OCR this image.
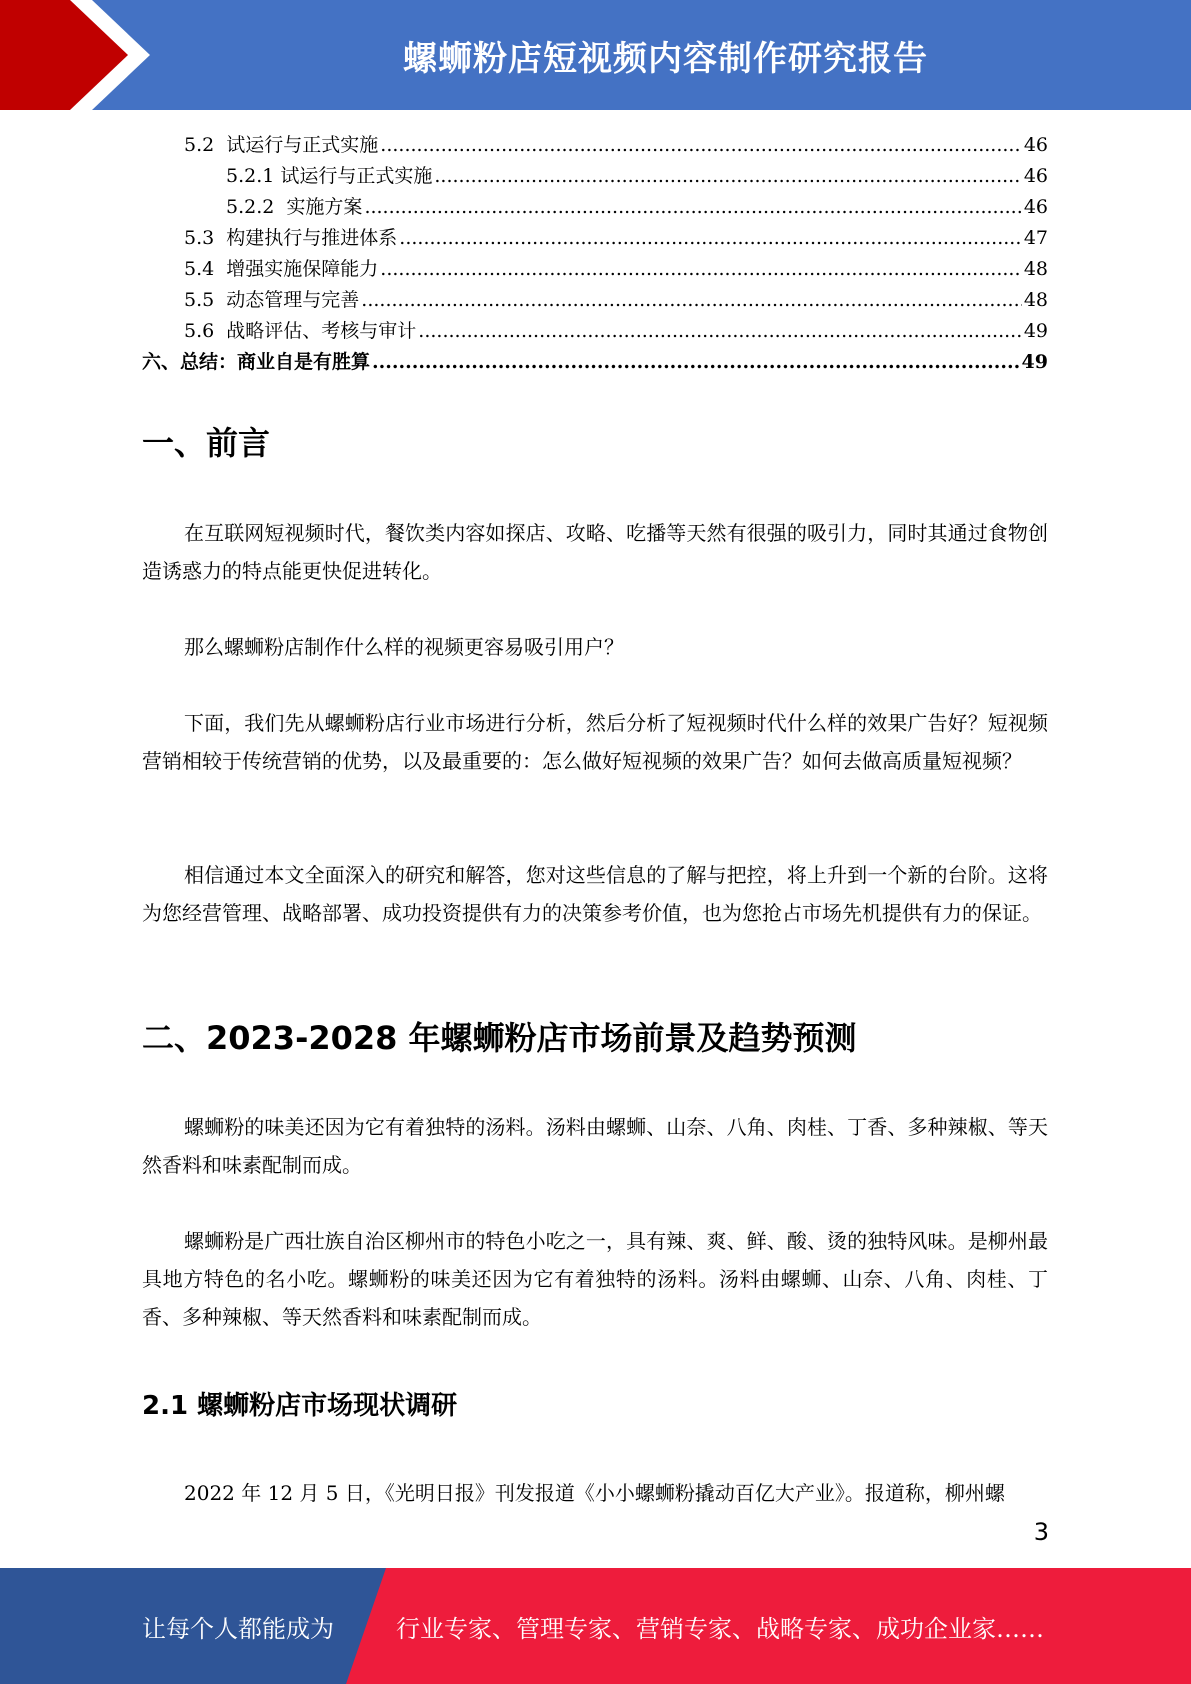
螺蛳粉店短视频内容制作研究报告
5.2  试运行与正式实施 .....	46
5.2.1 试运行与正式实施 .....	46
5.2.2  实施方案 .....	46
5.3  构建执行与推进体系 .....	47
5.4  增强实施保障能力 .....	48
5.5  动态管理与完善 .....	48
5.6  战略评估、考核与审计 .....	49
六、总结：商业自是有胜算 .....	49
一、前言

在互联网短视频时代，餐饮类内容如探店、攻略、吃播等天然有很强的吸引力，同时其通过食物创造诱惑力的特点能更快促进转化。

那么螺蛳粉店制作什么样的视频更容易吸引用户？

下面，我们先从螺蛳粉店行业市场进行分析，然后分析了短视频时代什么样的效果广告好？短视频营销相较于传统营销的优势，以及最重要的：怎么做好短视频的效果广告？如何去做高质量短视频？

相信通过本文全面深入的研究和解答，您对这些信息的了解与把控，将上升到一个新的台阶。这将为您经营管理、战略部署、成功投资提供有力的决策参考价值，也为您抢占市场先机提供有力的保证。

二、2023-2028 年螺蛳粉店市场前景及趋势预测

螺蛳粉的味美还因为它有着独特的汤料。汤料由螺蛳、山奈、八角、肉桂、丁香、多种辣椒、等天然香料和味素配制而成。

螺蛳粉是广西壮族自治区柳州市的特色小吃之一，具有辣、爽、鲜、酸、烫的独特风味。是柳州最具地方特色的名小吃。螺蛳粉的味美还因为它有着独特的汤料。汤料由螺蛳、山奈、八角、肉桂、丁香、多种辣椒、等天然香料和味素配制而成。

2.1 螺蛳粉店市场现状调研

2022 年 12 月 5 日，《光明日报》刊发报道《小小螺蛳粉撬动百亿大产业》。报道称，柳州螺

3
让每个人都能成为	行业专家、管理专家、营销专家、战略专家、成功企业家……
